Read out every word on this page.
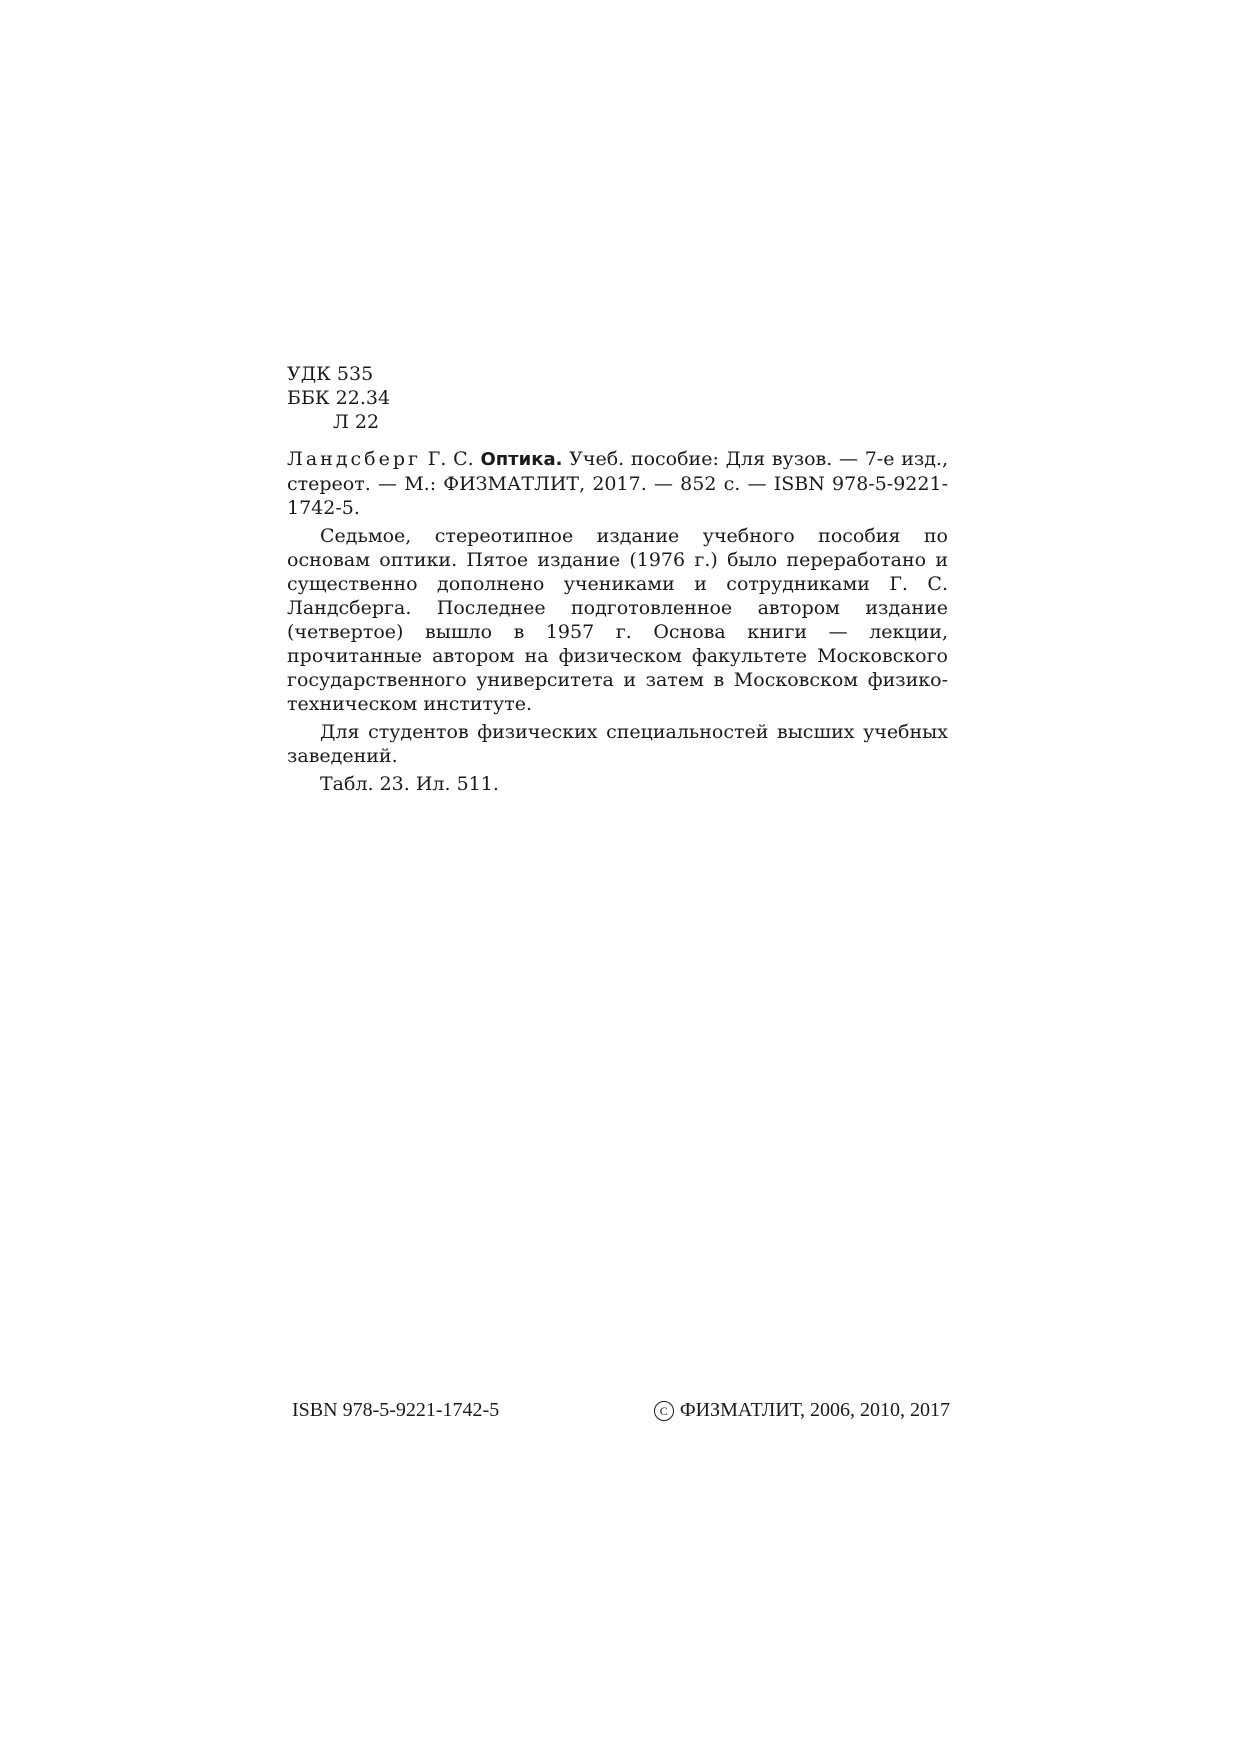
УДК 535
ББК 22.34
Л 22

Ландсберг Г. С. Оптика. Учеб. пособие: Для вузов. — 7-е изд., стереот. — М.: ФИЗМАТЛИТ, 2017. — 852 с. — ISBN 978-5-9221-1742-5.

Седьмое, стереотипное издание учебного пособия по основам оптики. Пятое издание (1976 г.) было переработано и существенно дополнено учениками и сотрудниками Г. С. Ландсберга. Последнее подготовленное автором издание (четвертое) вышло в 1957 г. Основа книги — лекции, прочитанные автором на физическом факультете Московского государственного университета и затем в Московском физико-техническом институте.

Для студентов физических специальностей высших учебных заведений.

Табл. 23. Ил. 511.

ISBN 978-5-9221-1742-5	C ФИЗМАТЛИТ, 2006, 2010, 2017
